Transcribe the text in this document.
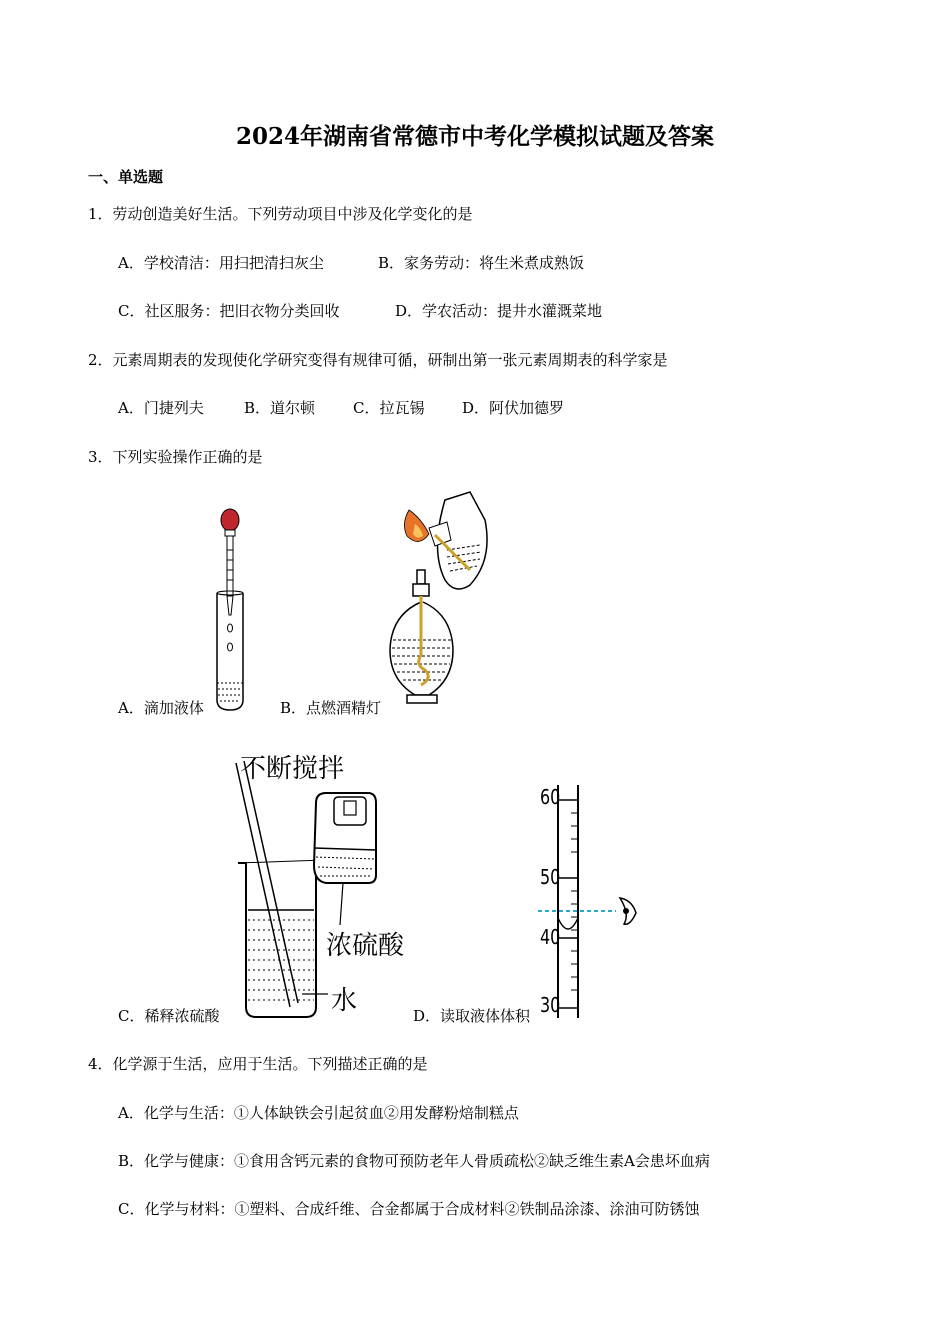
2024年湖南省常德市中考化学模拟试题及答案
一、单选题
1．劳动创造美好生活。下列劳动项目中涉及化学变化的是
A．学校清洁：用扫把清扫灰尘	B．家务劳动：将生米煮成熟饭
C．社区服务：把旧衣物分类回收	D．学农活动：提井水灌溉菜地
2．元素周期表的发现使化学研究变得有规律可循，研制出第一张元素周期表的科学家是
A．门捷列夫	B．道尔顿	C．拉瓦锡	D．阿伏加德罗
3．下列实验操作正确的是
A．滴加液体	B．点燃酒精灯
不断搅拌
浓硫酸
水
C．稀释浓硫酸
60
50
40
30
D．读取液体体积
4．化学源于生活，应用于生活。下列描述正确的是
A．化学与生活：①人体缺铁会引起贫血②用发酵粉焙制糕点
B．化学与健康：①食用含钙元素的食物可预防老年人骨质疏松②缺乏维生素A会患坏血病
C．化学与材料：①塑料、合成纤维、合金都属于合成材料②铁制品涂漆、涂油可防锈蚀
